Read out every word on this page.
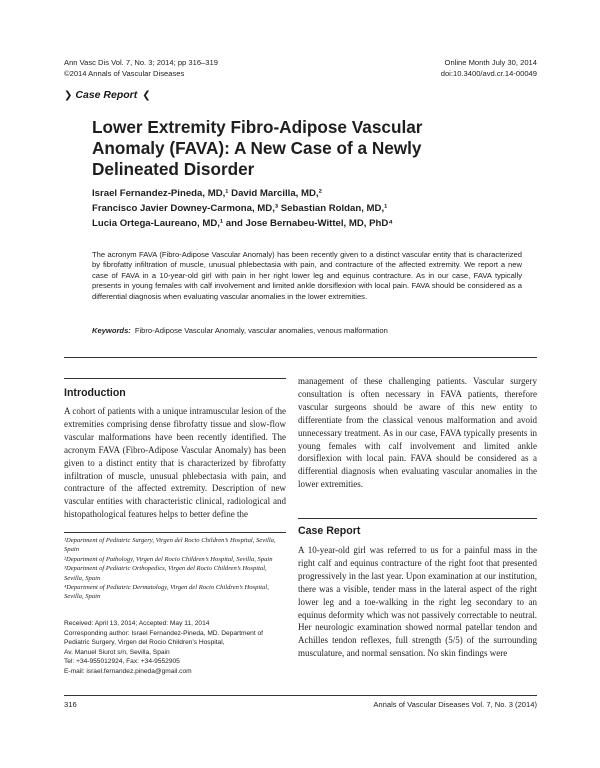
Ann Vasc Dis Vol. 7, No. 3; 2014; pp 316–319
©2014 Annals of Vascular Diseases
Online Month July 30, 2014
doi:10.3400/avd.cr.14-00049
❯ Case Report ❮
Lower Extremity Fibro-Adipose Vascular Anomaly (FAVA): A New Case of a Newly Delineated Disorder
Israel Fernandez-Pineda, MD,¹ David Marcilla, MD,²
Francisco Javier Downey-Carmona, MD,³ Sebastian Roldan, MD,¹
Lucia Ortega-Laureano, MD,¹ and Jose Bernabeu-Wittel, MD, PhD⁴
The acronym FAVA (Fibro-Adipose Vascular Anomaly) has been recently given to a distinct vascular entity that is characterized by fibrofatty infiltration of muscle, unusual phlebectasia with pain, and contracture of the affected extremity. We report a new case of FAVA in a 10-year-old girl with pain in her right lower leg and equinus contracture. As in our case, FAVA typically presents in young females with calf involvement and limited ankle dorsiflexion with local pain. FAVA should be considered as a differential diagnosis when evaluating vascular anomalies in the lower extremities.
Keywords: Fibro-Adipose Vascular Anomaly, vascular anomalies, venous malformation
Introduction
A cohort of patients with a unique intramuscular lesion of the extremities comprising dense fibrofatty tissue and slow-flow vascular malformations have been recently identified. The acronym FAVA (Fibro-Adipose Vascular Anomaly) has been given to a distinct entity that is characterized by fibrofatty infiltration of muscle, unusual phlebectasia with pain, and contracture of the affected extremity. Description of new vascular entities with characteristic clinical, radiological and histopathological features helps to better define the
¹Department of Pediatric Surgery, Virgen del Rocio Children’s Hospital, Sevilla, Spain
²Department of Pathology, Virgen del Rocio Children’s Hospital, Sevilla, Spain
³Department of Pediatric Orthopedics, Virgen del Rocio Children’s Hospital, Sevilla, Spain
⁴Department of Pediatric Dermatology, Virgen del Rocio Children’s Hospital, Sevilla, Spain
Received: April 13, 2014; Accepted: May 11, 2014
Corresponding author: Israel Fernandez-Pineda, MD. Department of Pediatric Surgery, Virgen del Rocio Children’s Hospital,
Av. Manuel Siurot s/n, Sevilla, Spain
Tel: +34-955012924, Fax: +34-9552905
E-mail: israel.fernandez.pineda@gmail.com
management of these challenging patients. Vascular surgery consultation is often necessary in FAVA patients, therefore vascular surgeons should be aware of this new entity to differentiate from the classical venous malformation and avoid unnecessary treatment. As in our case, FAVA typically presents in young females with calf involvement and limited ankle dorsiflexion with local pain. FAVA should be considered as a differential diagnosis when evaluating vascular anomalies in the lower extremities.
Case Report
A 10-year-old girl was referred to us for a painful mass in the right calf and equinus contracture of the right foot that presented progressively in the last year. Upon examination at our institution, there was a visible, tender mass in the lateral aspect of the right lower leg and a toe-walking in the right leg secondary to an equinus deformity which was not passively correctable to neutral. Her neurologic examination showed normal patellar tendon and Achilles tendon reflexes, full strength (5/5) of the surrounding musculature, and normal sensation. No skin findings were
316	Annals of Vascular Diseases Vol. 7, No. 3 (2014)
